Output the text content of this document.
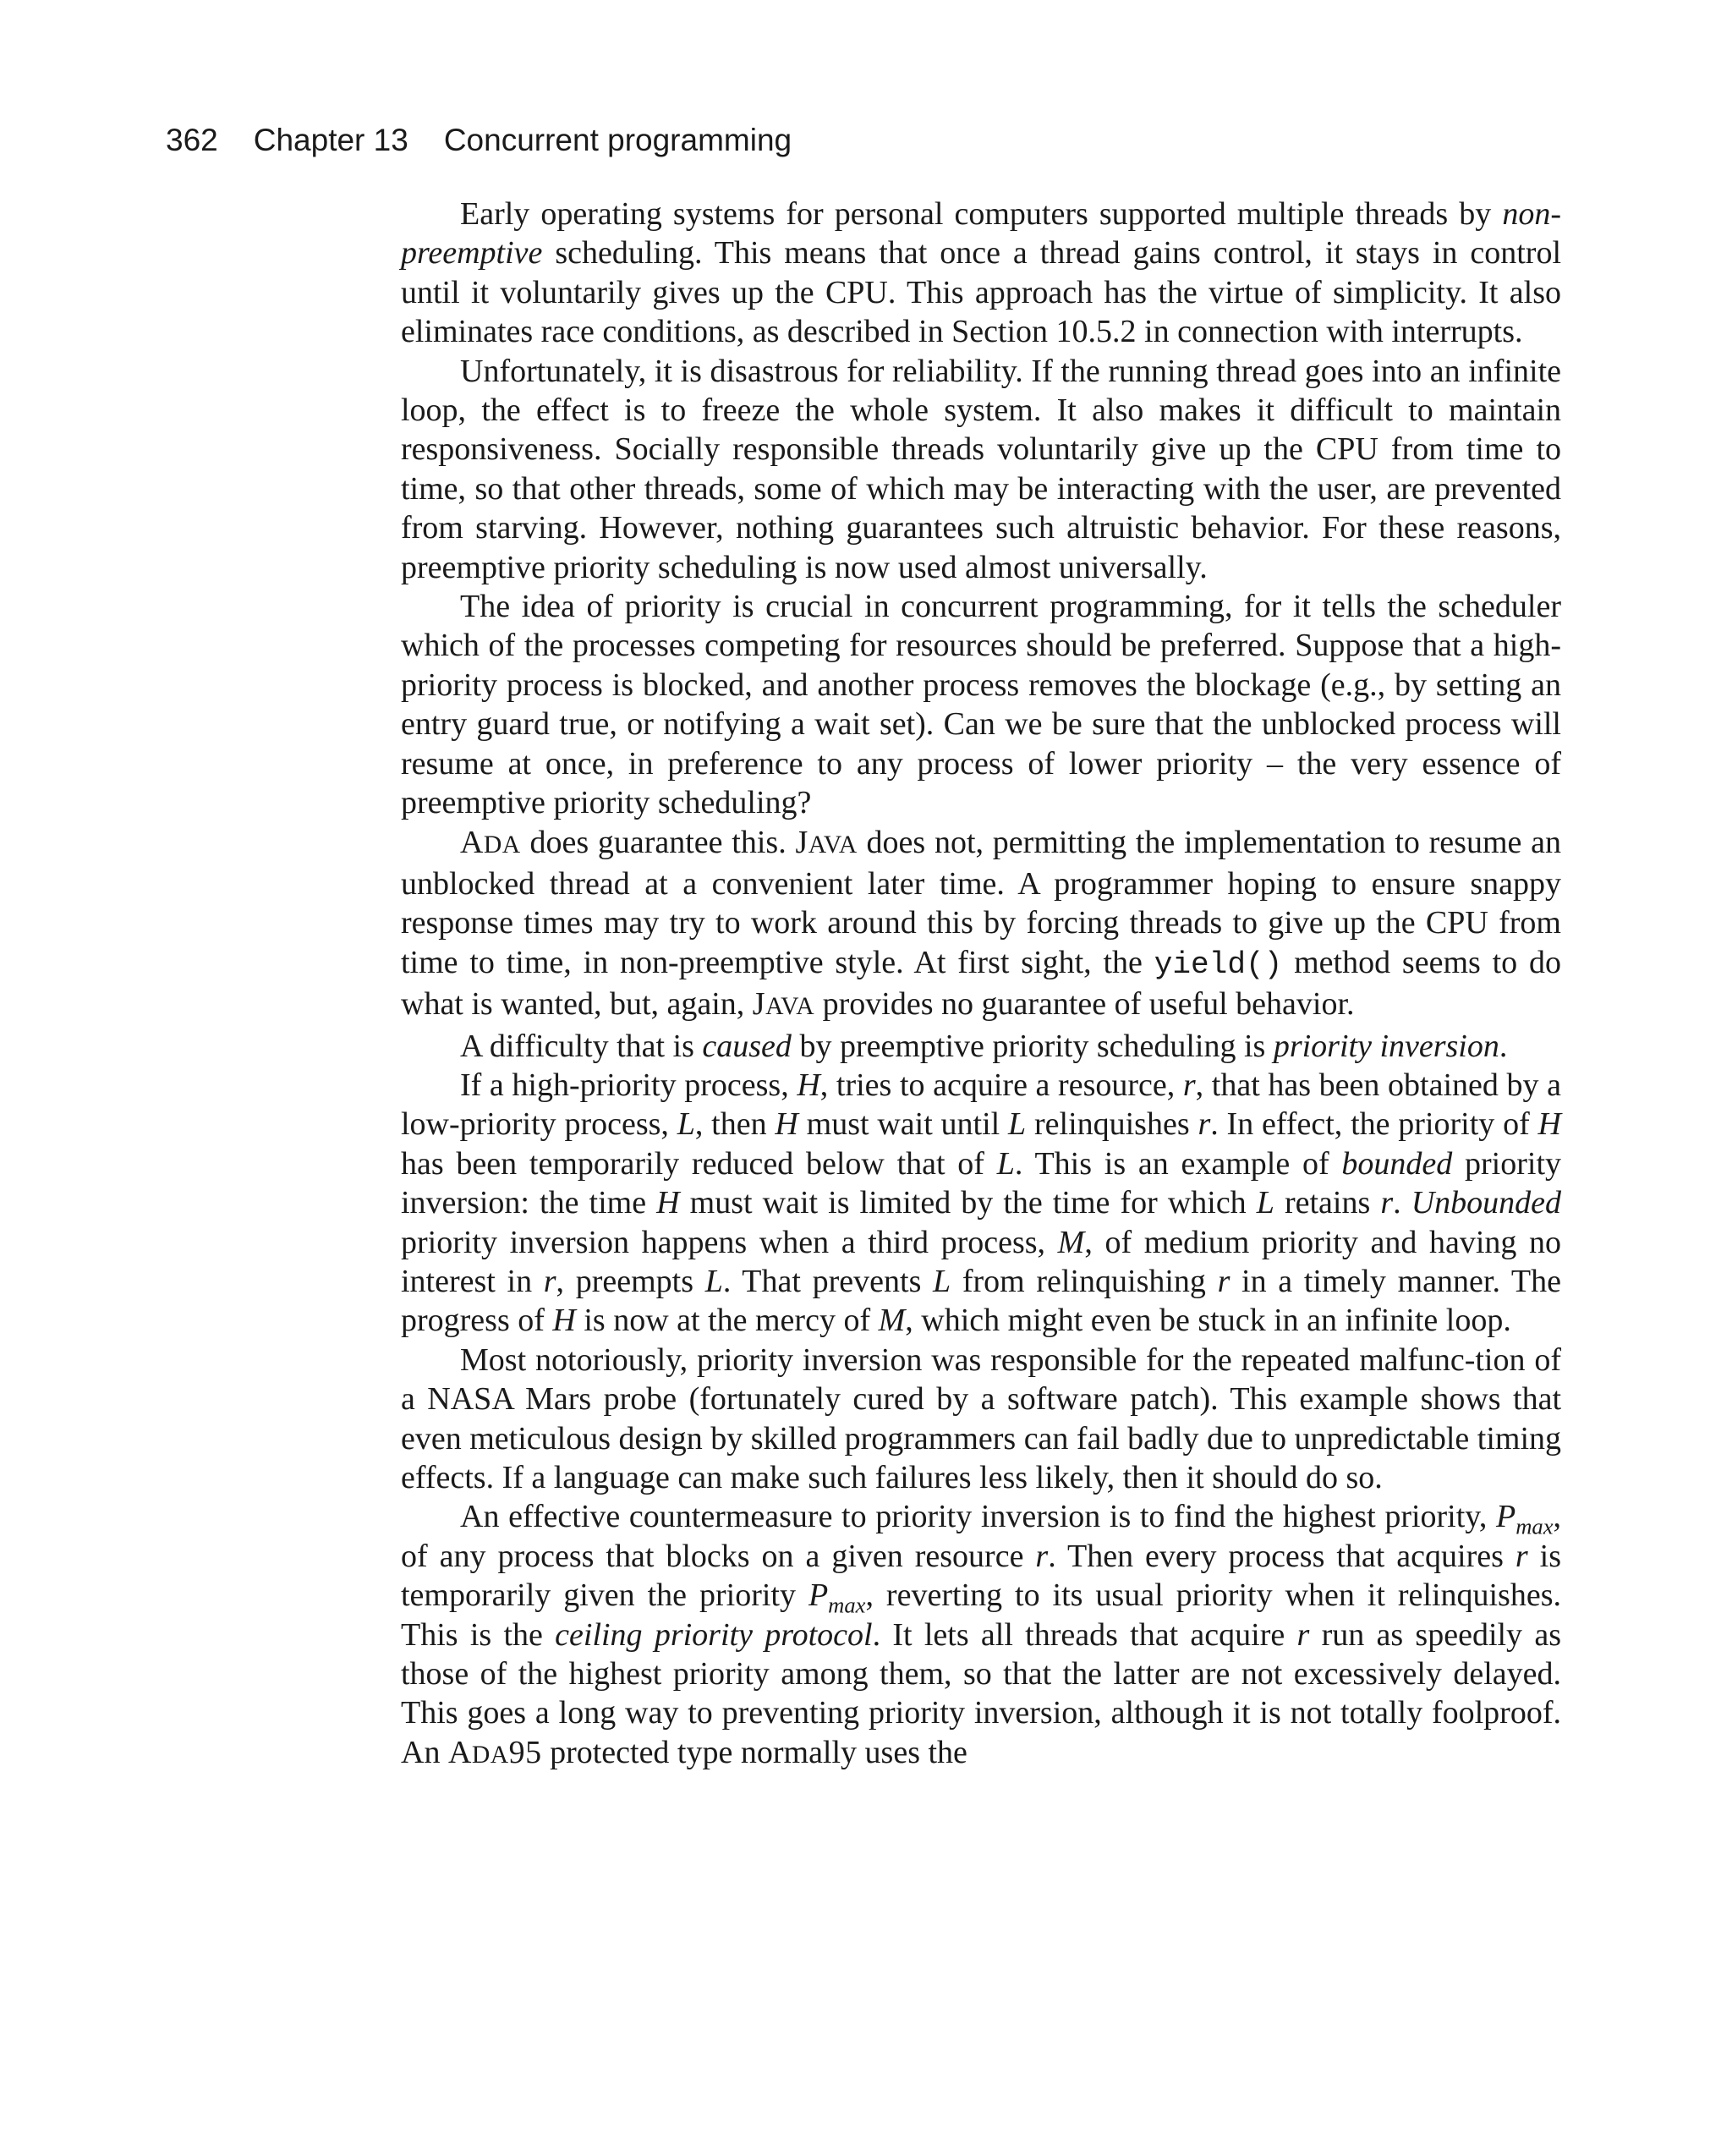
362 Chapter 13 Concurrent programming

Early operating systems for personal computers supported multiple threads by non-preemptive scheduling. This means that once a thread gains control, it stays in control until it voluntarily gives up the CPU. This approach has the virtue of simplicity. It also eliminates race conditions, as described in Section 10.5.2 in connection with interrupts.

Unfortunately, it is disastrous for reliability. If the running thread goes into an infinite loop, the effect is to freeze the whole system. It also makes it difficult to maintain responsiveness. Socially responsible threads voluntarily give up the CPU from time to time, so that other threads, some of which may be interacting with the user, are prevented from starving. However, nothing guarantees such altruistic behavior. For these reasons, preemptive priority scheduling is now used almost universally.

The idea of priority is crucial in concurrent programming, for it tells the scheduler which of the processes competing for resources should be preferred. Suppose that a high-priority process is blocked, and another process removes the blockage (e.g., by setting an entry guard true, or notifying a wait set). Can we be sure that the unblocked process will resume at once, in preference to any process of lower priority – the very essence of preemptive priority scheduling?

ADA does guarantee this. JAVA does not, permitting the implementation to resume an unblocked thread at a convenient later time. A programmer hoping to ensure snappy response times may try to work around this by forcing threads to give up the CPU from time to time, in non-preemptive style. At first sight, the yield() method seems to do what is wanted, but, again, JAVA provides no guarantee of useful behavior.

A difficulty that is caused by preemptive priority scheduling is priority inversion.

If a high-priority process, H, tries to acquire a resource, r, that has been obtained by a low-priority process, L, then H must wait until L relinquishes r. In effect, the priority of H has been temporarily reduced below that of L. This is an example of bounded priority inversion: the time H must wait is limited by the time for which L retains r. Unbounded priority inversion happens when a third process, M, of medium priority and having no interest in r, preempts L. That prevents L from relinquishing r in a timely manner. The progress of H is now at the mercy of M, which might even be stuck in an infinite loop.

Most notoriously, priority inversion was responsible for the repeated malfunc-tion of a NASA Mars probe (fortunately cured by a software patch). This example shows that even meticulous design by skilled programmers can fail badly due to unpredictable timing effects. If a language can make such failures less likely, then it should do so.

An effective countermeasure to priority inversion is to find the highest priority, $P_{max}$, of any process that blocks on a given resource r. Then every process that acquires r is temporarily given the priority $P_{max}$, reverting to its usual priority when it relinquishes. This is the ceiling priority protocol. It lets all threads that acquire r run as speedily as those of the highest priority among them, so that the latter are not excessively delayed. This goes a long way to preventing priority inversion, although it is not totally foolproof. An ADA95 protected type normally uses the
